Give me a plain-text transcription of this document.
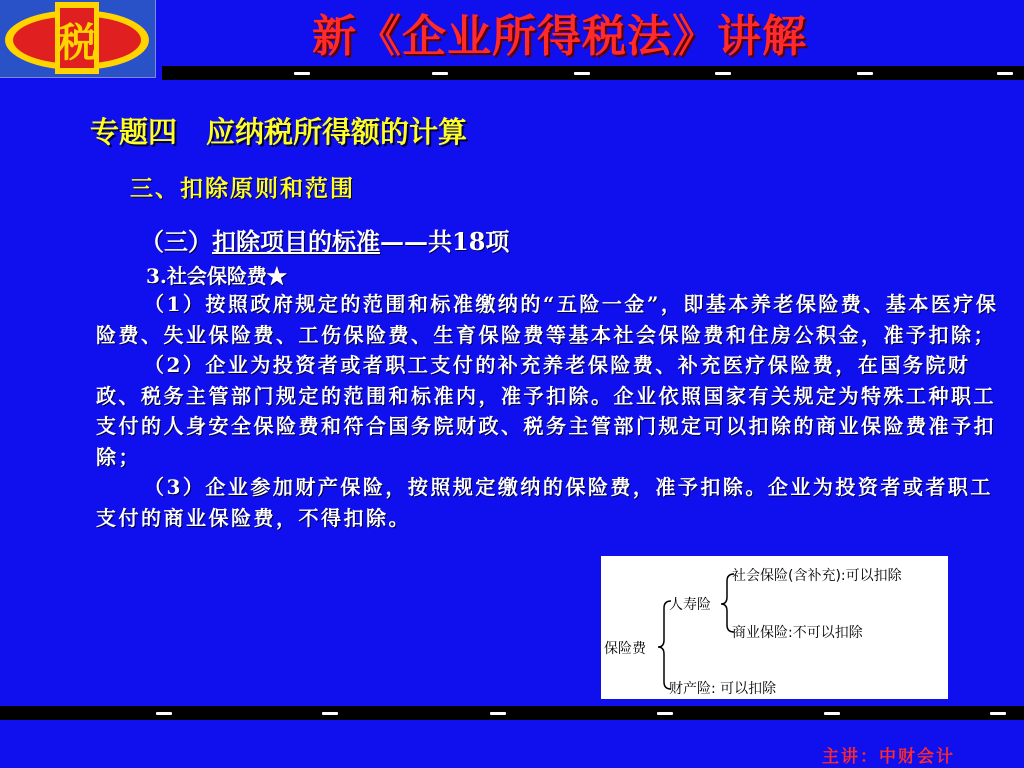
税	新《企业所得税法》讲解
专题四　应纳税所得额的计算
三、扣除原则和范围
（三）扣除项目的标准——共18项
3.社会保险费★

（1）按照政府规定的范围和标准缴纳的“五险一金”，即基本养老保险费、基本医疗保险费、失业保险费、工伤保险费、生育保险费等基本社会保险费和住房公积金，准予扣除；

（2）企业为投资者或者职工支付的补充养老保险费、补充医疗保险费，在国务院财政、税务主管部门规定的范围和标准内，准予扣除。企业依照国家有关规定为特殊工种职工支付的人身安全保险费和符合国务院财政、税务主管部门规定可以扣除的商业保险费准予扣除；

（3）企业参加财产保险，按照规定缴纳的保险费，准予扣除。企业为投资者或者职工支付的商业保险费，不得扣除。

保险费
人寿险
社会保险(含补充):可以扣除
商业保险:不可以扣除
财产险: 可以扣除
主讲：中财会计
